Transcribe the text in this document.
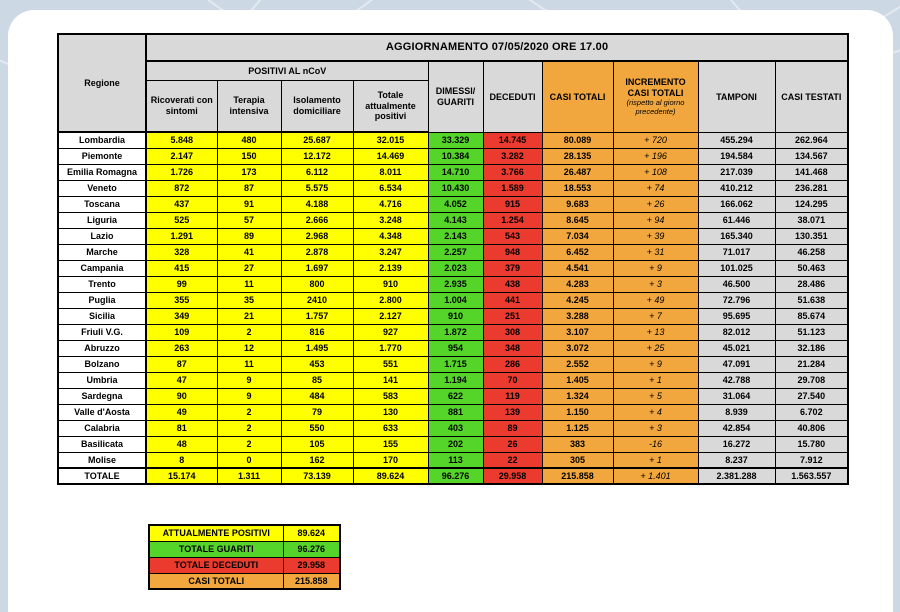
Regione	AGGIORNAMENTO 07/05/2020 ORE 17.00									
	POSITIVI AL nCoV				DIMESSI/ GUARITI	DECEDUTI	CASI TOTALI	INCREMENTO CASI TOTALI
(rispetto al giorno precedente)	TAMPONI	CASI TESTATI
	Ricoverati con sintomi	Terapia intensiva	Isolamento domiciliare	Totale attualmente positivi						
Lombardia	5.848	480	25.687	32.015	33.329	14.745	80.089	+ 720	455.294	262.964
Piemonte	2.147	150	12.172	14.469	10.384	3.282	28.135	+ 196	194.584	134.567
Emilia Romagna	1.726	173	6.112	8.011	14.710	3.766	26.487	+ 108	217.039	141.468
Veneto	872	87	5.575	6.534	10.430	1.589	18.553	+ 74	410.212	236.281
Toscana	437	91	4.188	4.716	4.052	915	9.683	+ 26	166.062	124.295
Liguria	525	57	2.666	3.248	4.143	1.254	8.645	+ 94	61.446	38.071
Lazio	1.291	89	2.968	4.348	2.143	543	7.034	+ 39	165.340	130.351
Marche	328	41	2.878	3.247	2.257	948	6.452	+ 31	71.017	46.258
Campania	415	27	1.697	2.139	2.023	379	4.541	+ 9	101.025	50.463
Trento	99	11	800	910	2.935	438	4.283	+ 3	46.500	28.486
Puglia	355	35	2410	2.800	1.004	441	4.245	+ 49	72.796	51.638
Sicilia	349	21	1.757	2.127	910	251	3.288	+ 7	95.695	85.674
Friuli V.G.	109	2	816	927	1.872	308	3.107	+ 13	82.012	51.123
Abruzzo	263	12	1.495	1.770	954	348	3.072	+ 25	45.021	32.186
Bolzano	87	11	453	551	1.715	286	2.552	+ 9	47.091	21.284
Umbria	47	9	85	141	1.194	70	1.405	+ 1	42.788	29.708
Sardegna	90	9	484	583	622	119	1.324	+ 5	31.064	27.540
Valle d'Aosta	49	2	79	130	881	139	1.150	+ 4	8.939	6.702
Calabria	81	2	550	633	403	89	1.125	+ 3	42.854	40.806
Basilicata	48	2	105	155	202	26	383	-16	16.272	15.780
Molise	8	0	162	170	113	22	305	+ 1	8.237	7.912
TOTALE	15.174	1.311	73.139	89.624	96.276	29.958	215.858	+ 1.401	2.381.288	1.563.557
ATTUALMENTE POSITIVI	89.624
TOTALE GUARITI	96.276
TOTALE DECEDUTI	29.958
CASI TOTALI	215.858
